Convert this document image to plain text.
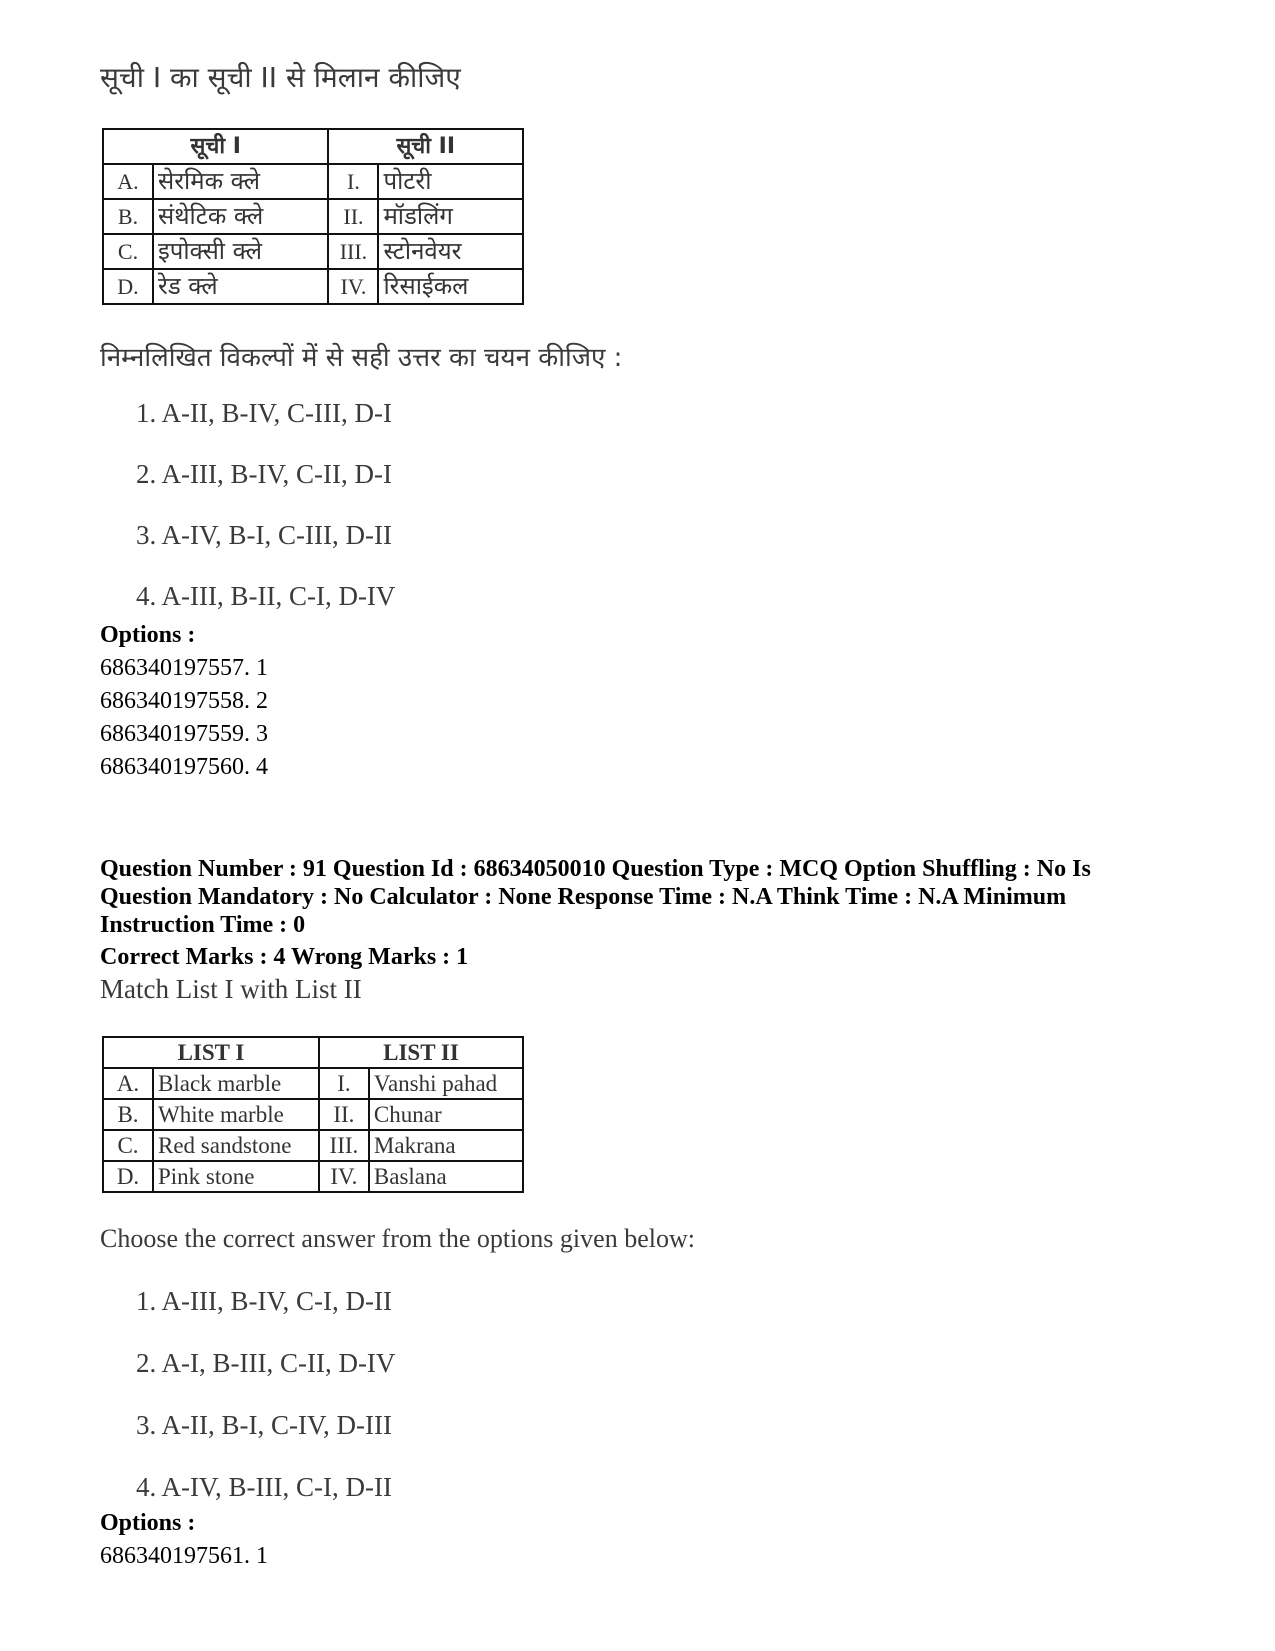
सूची I का सूची II से मिलान कीजिए
सूची I		सूची II	
A.	सेरमिक क्ले	I.	पोटरी
B.	संथेटिक क्ले	II.	मॉडलिंग
C.	इपोक्सी क्ले	III.	स्टोनवेयर
D.	रेड क्ले	IV.	रिसाईकल
निम्नलिखित विकल्पों में से सही उत्तर का चयन कीजिए :
1. A-II, B-IV, C-III, D-I
2. A-III, B-IV, C-II, D-I
3. A-IV, B-I, C-III, D-II
4. A-III, B-II, C-I, D-IV
Options :
686340197557. 1
686340197558. 2
686340197559. 3
686340197560. 4
Question Number : 91 Question Id : 68634050010 Question Type : MCQ Option Shuffling : No Is Question Mandatory : No Calculator : None Response Time : N.A Think Time : N.A Minimum Instruction Time : 0
Correct Marks : 4 Wrong Marks : 1
Match List I with List II
LIST I		LIST II	
A.	Black marble	I.	Vanshi pahad
B.	White marble	II.	Chunar
C.	Red sandstone	III.	Makrana
D.	Pink stone	IV.	Baslana
Choose the correct answer from the options given below:
1. A-III, B-IV, C-I, D-II
2. A-I, B-III, C-II, D-IV
3. A-II, B-I, C-IV, D-III
4. A-IV, B-III, C-I, D-II
Options :
686340197561. 1
